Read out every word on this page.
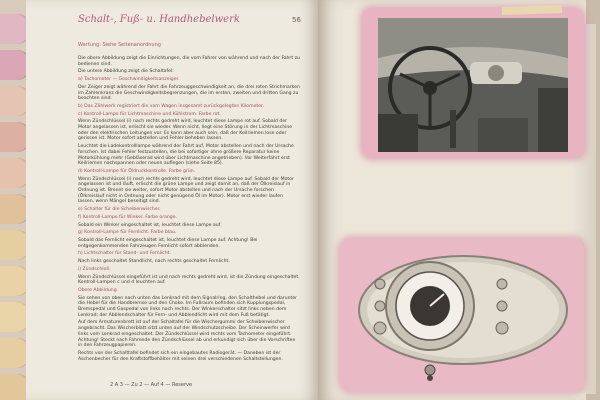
Schalt-, Fuß- u. Handhebelwerk	56
Wartung: Siehe Seitenanordnung

Die obere Abbildung zeigt die Einrichtungen, die vom Fahrer von während und nach der Fahrt zu bedienen sind.

Die untere Abbildung zeigt die Schaltafel:

a) Tachometer — Geschwindigkeitsanzeiger.

Der Zeiger zeigt während der Fahrt die Fahrzeuggeschwindigkeit an, die drei roten Strichmarken im Zahlenkranz die Geschwindigkeitsbegrenzungen, die im ersten, zweiten und dritten Gang zu beachten sind.

b) Das Zählwerk registriert die vom Wagen insgesamt zurückgelegten Kilometer.

c) Kontroll-Lampe für Lichtmaschine und Kühlstrom. Farbe rot.

Wenn Zündschlüssel (i) nach rechts gedreht wird, leuchtet diese Lampe rot auf. Sobald der Motor angelassen ist, erlischt sie wieder. Wenn nicht, liegt eine Störung in der Lichtmaschine oder den elektrischen Leitungen vor. Es kann aber auch sein, daß der Keilriemen lose oder gerissen ist. Motor sofort abstellen und Fehler beheben lassen.

Leuchtet die Ladekontrolllampe während der Fahrt auf, Motor abstellen und nach der Ursache forschen. Ist dabei Fehler festzustellen, die bei sofortiger ohne größere Reparatur keine Motorkühlung mehr (Gebläserad wird über Lichtmaschine angetrieben). Vor Weiterfahrt erst Keilriemen nachspannen oder neuen auflegen (siehe Seite 85).

d) Kontroll-Lampe für Öldruckkontrolle. Farbe grün.

Wenn Zündschlüssel (i) nach rechts gedreht wird, leuchtet diese Lampe auf. Sobald der Motor angelassen ist und läuft, erlischt die grüne Lampe und zeigt damit an, daß der Ölkreislauf in Ordnung ist. Brennt sie weiter, sofort Motor abstellen und nach der Ursache forschen (Ölkreislauf nicht in Ordnung oder nicht genügend Öl im Motor). Motor erst wieder laufen lassen, wenn Mängel beseitigt sind.

e) Schalter für die Scheibenwischer.

f) Kontroll-Lampe für Winker. Farbe orange.

Sobald ein Winker eingeschaltet ist, leuchtet diese Lampe auf.

g) Kontroll-Lampe für Fernlicht. Farbe blau.

Sobald das Fernlicht eingeschaltet ist, leuchtet diese Lampe auf. Achtung! Bei entgegenkommenden Fahrzeugen Fernlicht sofort abblenden.

h) Lichtschalter für Stand- und Fernlicht.

Nach links geschaltet Standlicht, nach rechts geschaltet Fernlicht.

i) Zündschloß.

Wenn Zündschlüssel eingeführt ist und nach rechts gedreht wird, ist die Zündung eingeschaltet. Kontroll-Lampen c und d leuchten auf.

Obere Abbildung

Sie sehen von oben nach unten das Lenkrad mit dem Signalring, den Schalthebel und darunter die Hebel für die Handbremse und den Choke. Im Fußraum befinden sich Kupplungspedal, Bremspedal und Gaspedal von links nach rechts. Der Winkerschalter sitzt links neben dem Lenkrad; der Abblendschalter für Fern- und Abblendlicht wird mit dem Fuß betätigt.

Auf dem Armaturenbrett ist auf der Schaltafel für die Wischergummi der Scheibenwischer angebracht. Das Wischerblatt sitzt unten auf der Windschutzscheibe. Der Scheinwerfer wird links vom Lenkrad eingeschaltet. Der Zündschlüssel wird rechts vom Tachometer eingeführt. Achtung! Steckt nach Fahrende den Zündschlüssel ab und erkundigt sich über die Vorschriften in den Fahrzeugpapieren.

Rechts von der Schalttafel befindet sich ein eingebautes Radiogerät. — Daneben ist der Aschenbecher für den Kraftstoffbehälter mit seinen drei verschiedenen Schaltstellungen.

2 A 3 — Zu 2 — Auf 4 — Reserve
